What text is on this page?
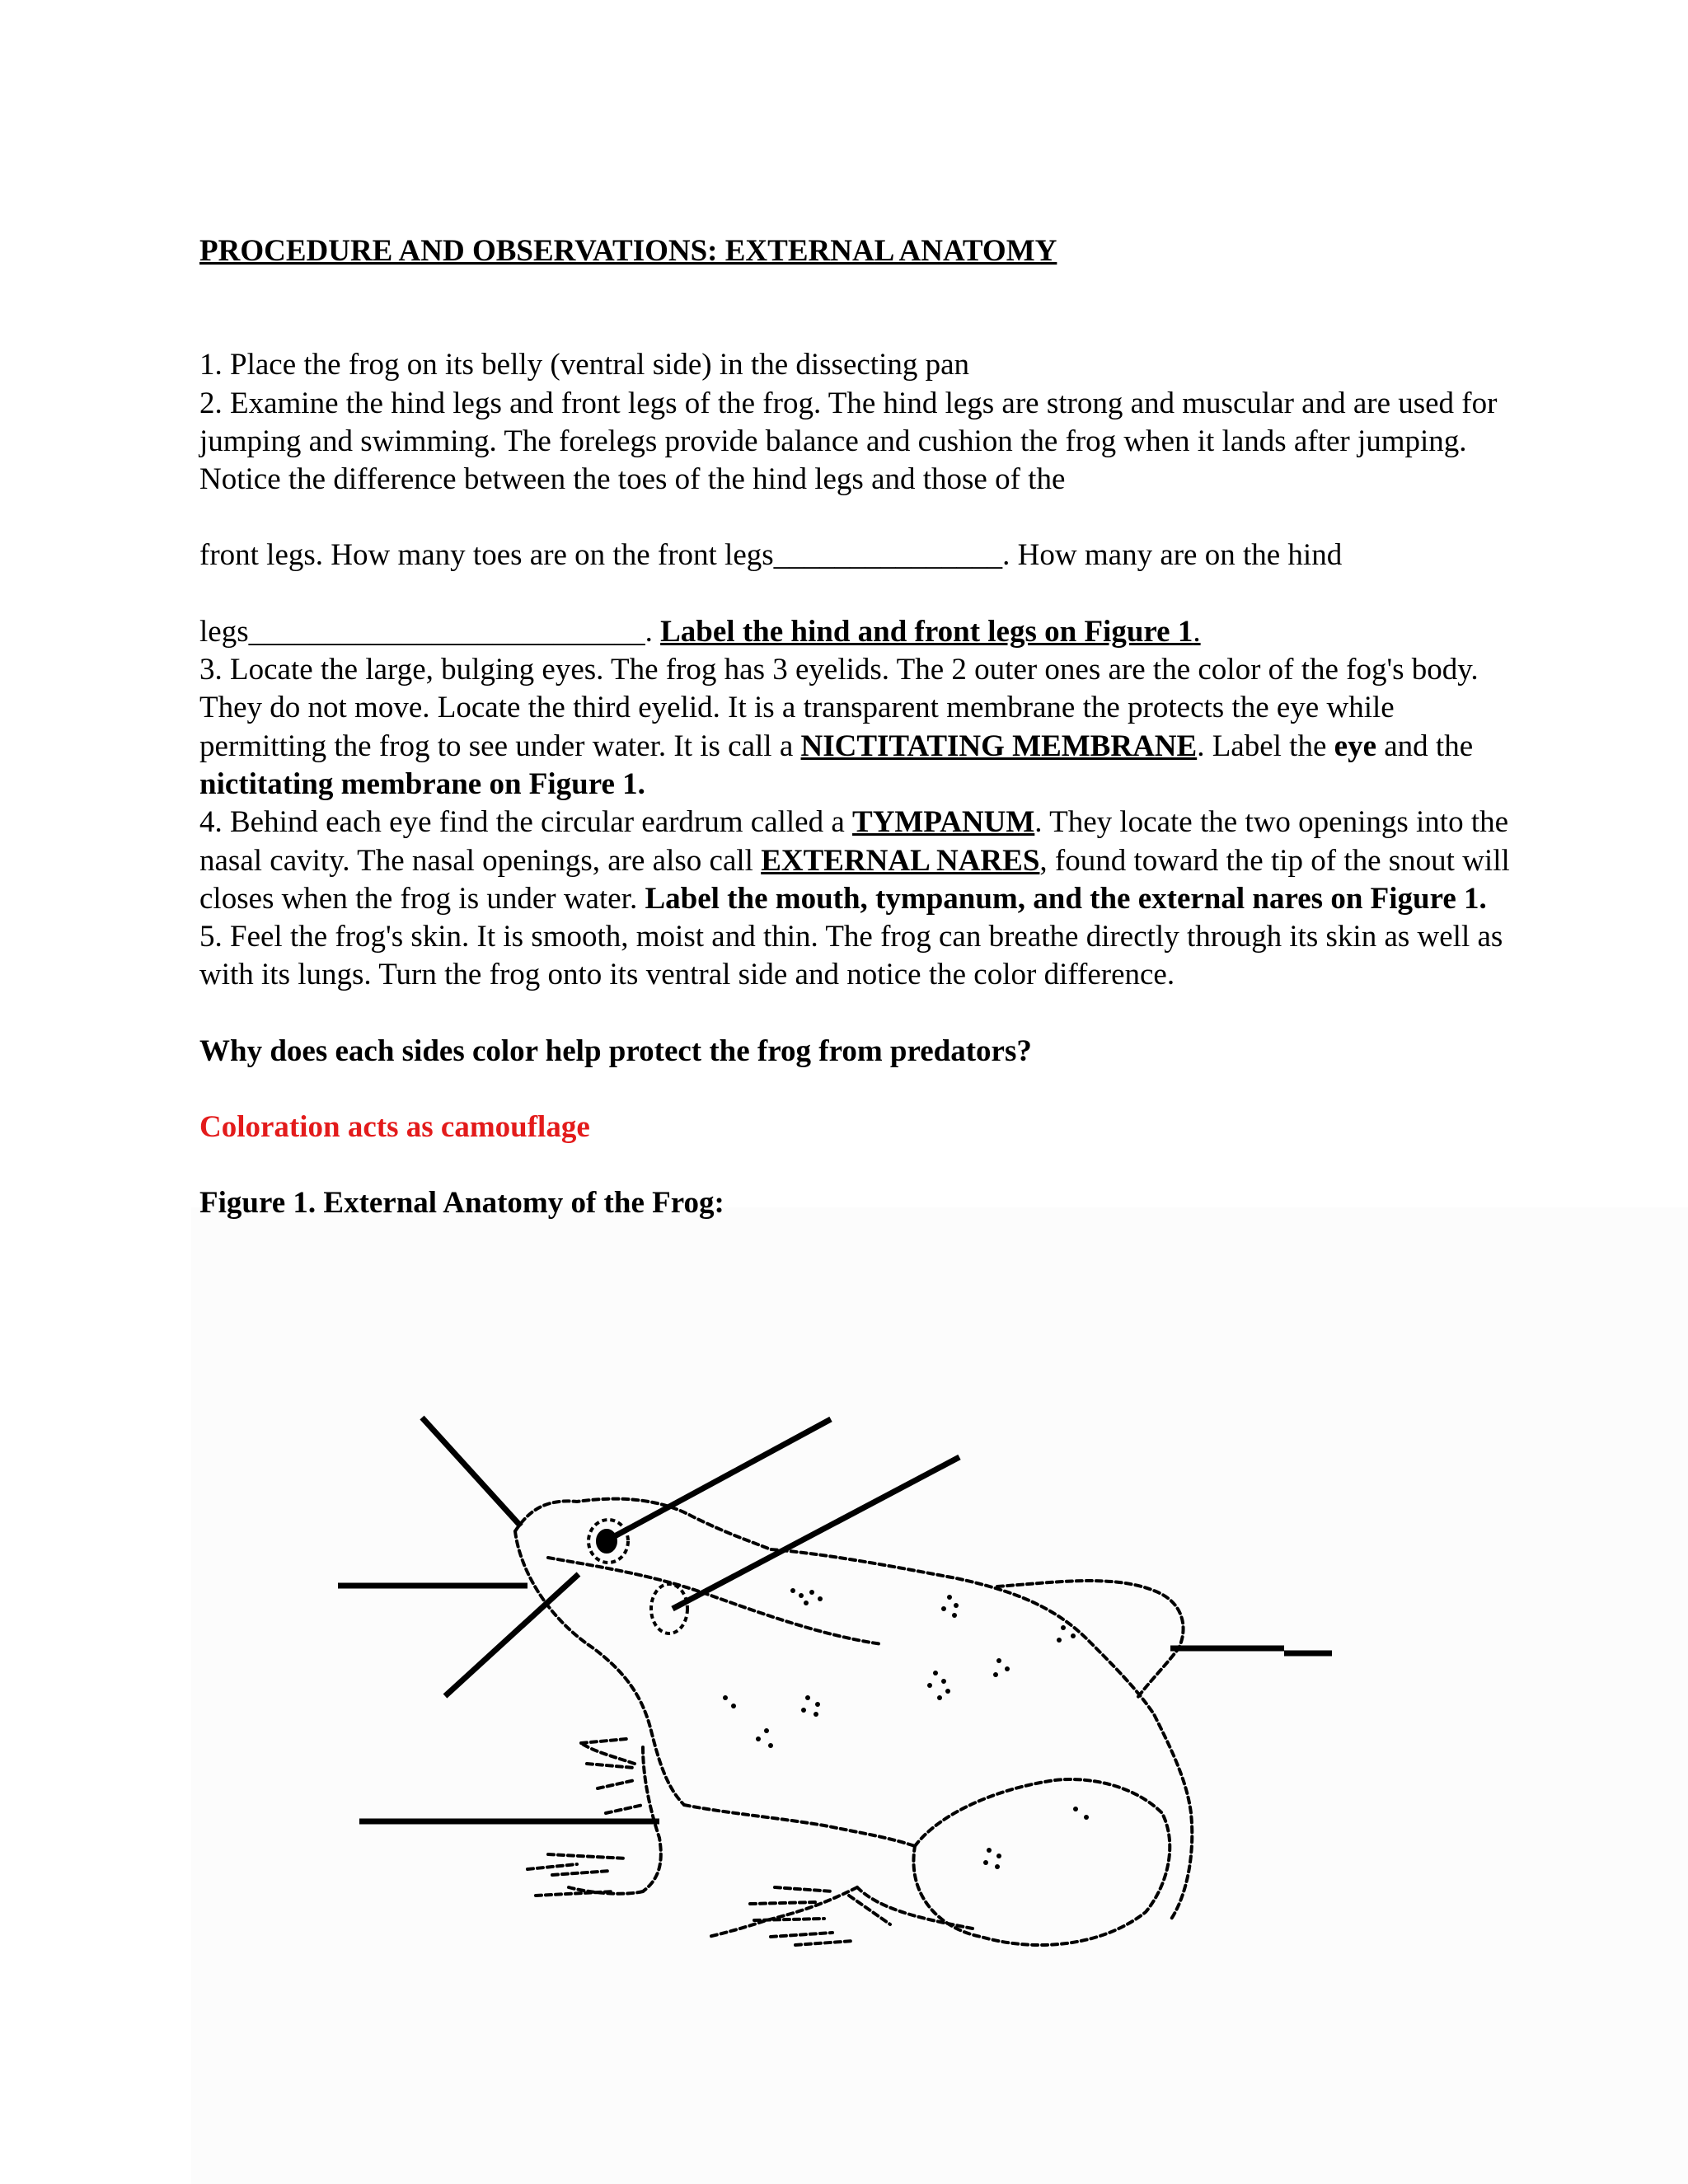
PROCEDURE AND OBSERVATIONS: EXTERNAL ANATOMY

1. Place the frog on its belly (ventral side) in the dissecting pan

2. Examine the hind legs and front legs of the frog. The hind legs are strong and muscular and are used for jumping and swimming. The forelegs provide balance and cushion the frog when it lands after jumping. Notice the difference between the toes of the hind legs and those of the

front legs. How many toes are on the front legs_______________. How many are on the hind

legs__________________________. Label the hind and front legs on Figure 1.

3. Locate the large, bulging eyes. The frog has 3 eyelids. The 2 outer ones are the color of the fog's body. They do not move. Locate the third eyelid. It is a transparent membrane the protects the eye while permitting the frog to see under water. It is call a NICTITATING MEMBRANE. Label the eye and the nictitating membrane on Figure 1.

4. Behind each eye find the circular eardrum called a TYMPANUM. They locate the two openings into the nasal cavity. The nasal openings, are also call EXTERNAL NARES, found toward the tip of the snout will closes when the frog is under water. Label the mouth, tympanum, and the external nares on Figure 1.

5. Feel the frog's skin. It is smooth, moist and thin. The frog can breathe directly through its skin as well as with its lungs. Turn the frog onto its ventral side and notice the color difference.

Why does each sides color help protect the frog from predators?

Coloration acts as camouflage

Figure 1. External Anatomy of the Frog:
